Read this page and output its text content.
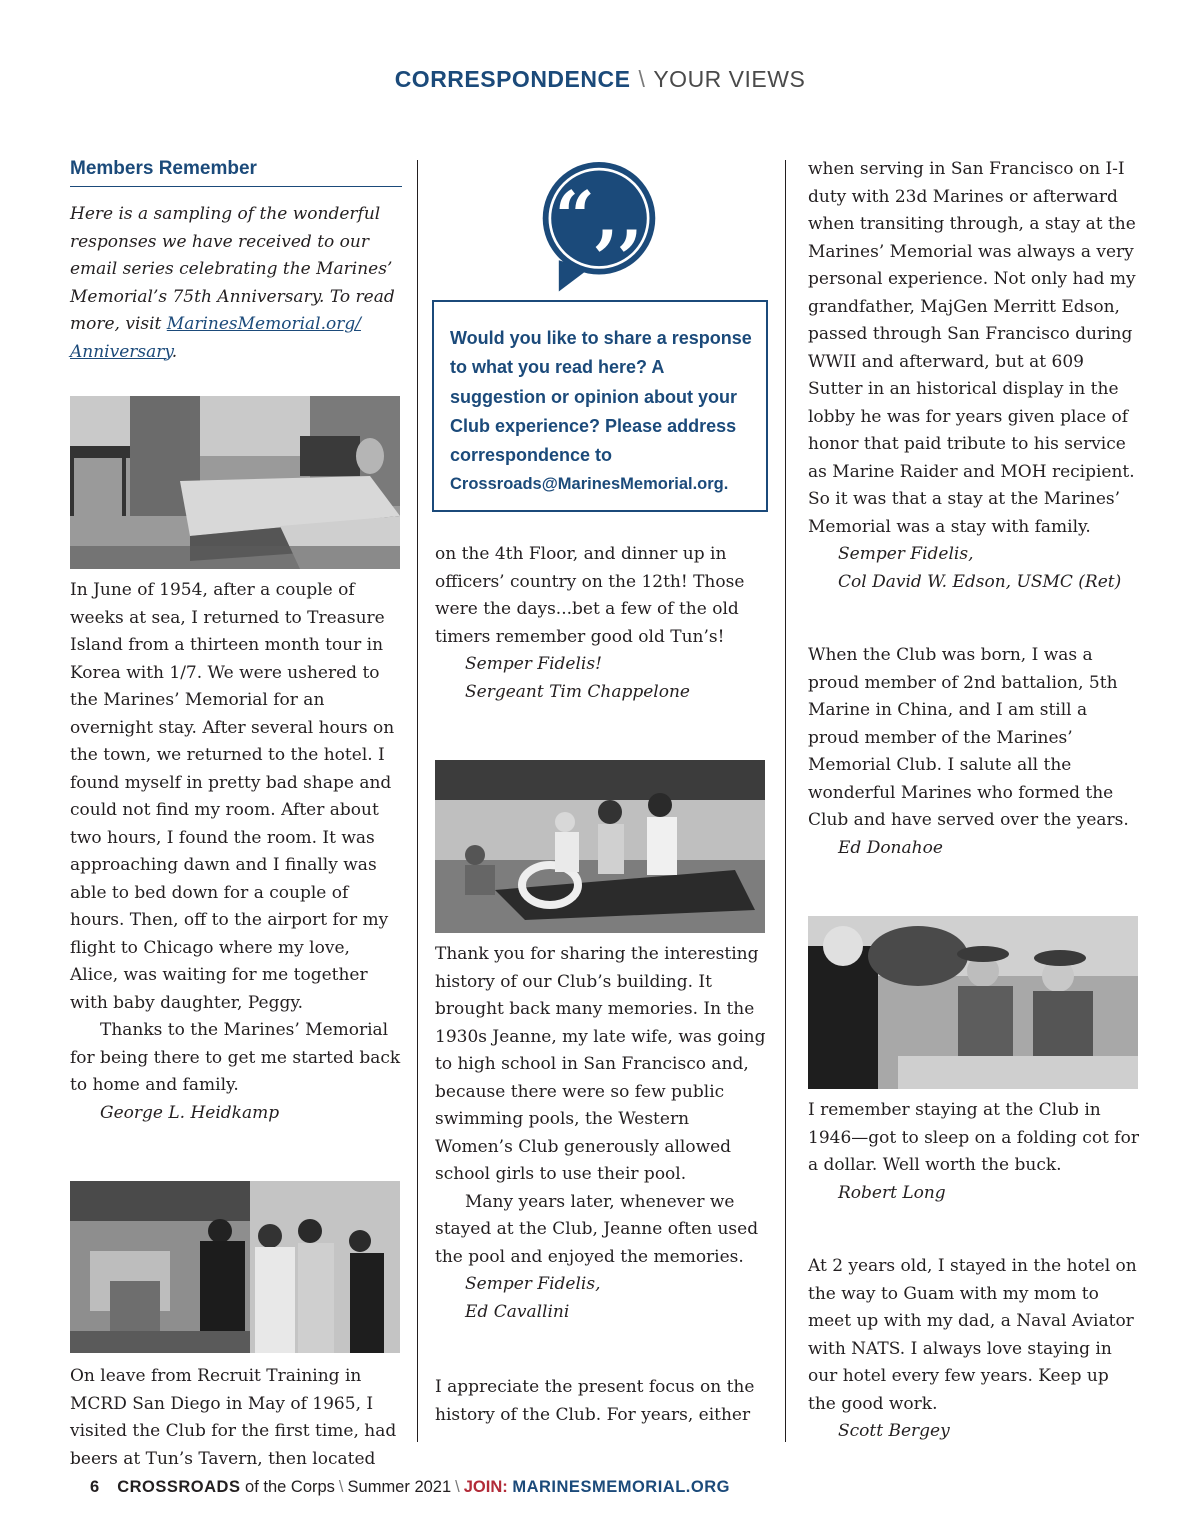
CORRESPONDENCE \ YOUR VIEWS
Members Remember

Here is a sampling of the wonderful responses we have received to our email series celebrating the Marines’ Memorial’s 75th Anniversary. To read more, visit MarinesMemorial.org/ Anniversary.

In June of 1954, after a couple of weeks at sea, I returned to Treasure Island from a thirteen month tour in Korea with 1/7. We were ushered to the Marines’ Memorial for an overnight stay. After several hours on the town, we returned to the hotel. I found myself in pretty bad shape and could not find my room. After about two hours, I found the room. It was approaching dawn and I finally was able to bed down for a couple of hours. Then, off to the airport for my flight to Chicago where my love, Alice, was waiting for me together with baby daughter, Peggy.

Thanks to the Marines’ Memorial for being there to get me started back to home and family.

George L. Heidkamp

On leave from Recruit Training in MCRD San Diego in May of 1965, I visited the Club for the first time, had beers at Tun’s Tavern, then located

“,,
Would you like to share a response to what you read here? A suggestion or opinion about your Club experience? Please address correspondence to
Crossroads@MarinesMemorial.org.

on the 4th Floor, and dinner up in officers’ country on the 12th! Those were the days...bet a few of the old timers remember good old Tun’s!

Semper Fidelis!
Sergeant Tim Chappelone

Thank you for sharing the interesting history of our Club’s building. It brought back many memories. In the 1930s Jeanne, my late wife, was going to high school in San Francisco and, because there were so few public swimming pools, the Western Women’s Club generously allowed school girls to use their pool.

Many years later, whenever we stayed at the Club, Jeanne often used the pool and enjoyed the memories.

Semper Fidelis,
Ed Cavallini

I appreciate the present focus on the history of the Club. For years, either

when serving in San Francisco on I-I duty with 23d Marines or afterward when transiting through, a stay at the Marines’ Memorial was always a very personal experience. Not only had my grandfather, MajGen Merritt Edson, passed through San Francisco during WWII and afterward, but at 609 Sutter in an historical display in the lobby he was for years given place of honor that paid tribute to his service as Marine Raider and MOH recipient. So it was that a stay at the Marines’ Memorial was a stay with family.

Semper Fidelis,
Col David W. Edson, USMC (Ret)

When the Club was born, I was a proud member of 2nd battalion, 5th Marine in China, and I am still a proud member of the Marines’ Memorial Club. I salute all the wonderful Marines who formed the Club and have served over the years.

Ed Donahoe

I remember staying at the Club in 1946—got to sleep on a folding cot for a dollar. Well worth the buck.

Robert Long

At 2 years old, I stayed in the hotel on the way to Guam with my mom to meet up with my dad, a Naval Aviator with NATS. I always love staying in our hotel every few years. Keep up the good work.

Scott Bergey
6 CROSSROADS of the Corps \ Summer 2021 \ JOIN: MARINESMEMORIAL.ORG
